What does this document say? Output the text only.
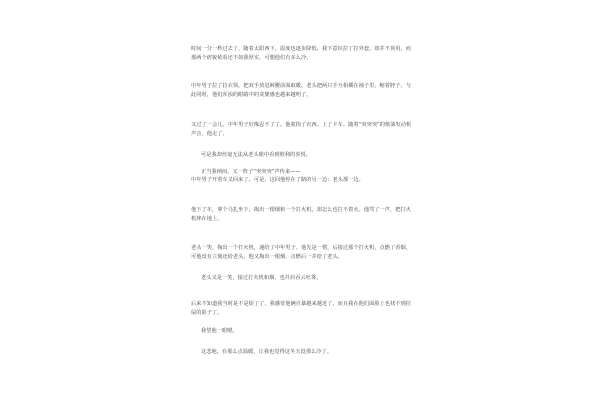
时间一分一秒过去了。随着太阳西下，温度也逐步降低。我下意识拉了拉外套。却并不顶用。而那两个痞貌依看还不如我厚实。可想他们有多么冷。

中年男子拉了拉衣领，把双手放进裤腰前面取暖。老头把两只手互相插在袖子里。缩着脖子。与此同时，他们浑浊的眼睛中的贪婪感也越来越明了。

又过了一会儿，中年男子好像忍不了了。他收拾了衣西。上了卡车。随着“突突突”的柴油发动机声音，他走了。

可是我却丝毫无法从老头眼中看到胜利的喜悦。

正当我纳闷，又一阵子“突突突”声传来——

中年男子开着车又回来了。可是，这回他停在了路的另一边：老头那一边。

他下了车，拿个马扎坐下，掏出一根烟和一个打火机，却怎么也打不着火。他骂了一声，把打火机摔在地上。

老头一笑，掏出一个打火机，递给了中年男子。他先是一愣，后接过那个打火机，点燃了香烟，可他没有立刻还给老头。他又掏出一根烟，点燃后一并给了老头。

老头又是一笑，接过打火机和烟，也并肩吞云吐雾。

后来不知道我当时是不是烦了了，我感觉他俩自暴越来越近了，而且我在他们面脸上也找不到拉屎的影子了。

我望他一眼嗯。

这悲地，有那么点温暖，让我也觉得这冬天没那么冷了。
